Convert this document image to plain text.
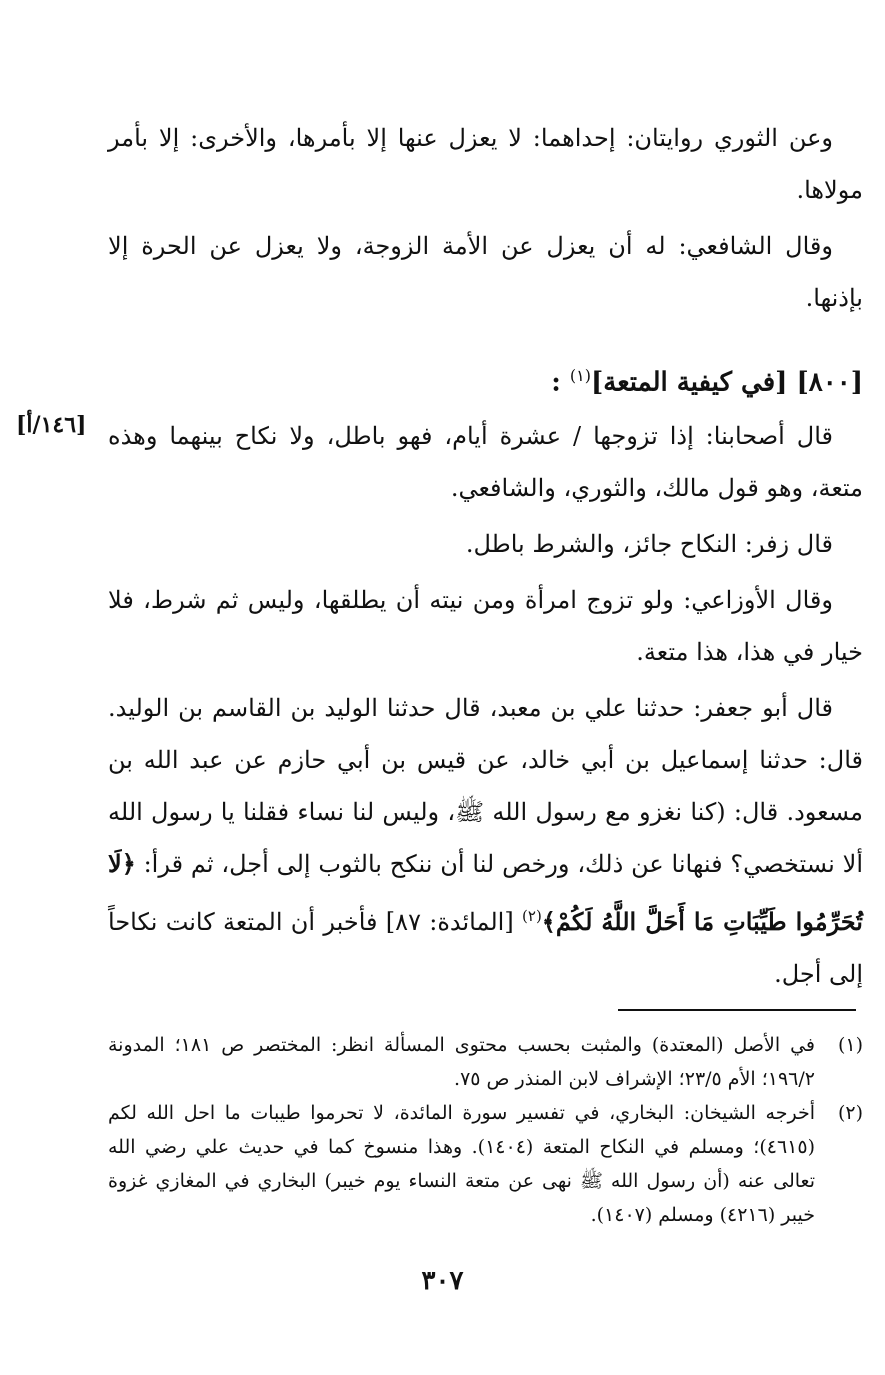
وعن الثوري روايتان: إحداهما: لا يعزل عنها إلا بأمرها، والأخرى: إلا بأمر مولاها.

وقال الشافعي: له أن يعزل عن الأمة الزوجة، ولا يعزل عن الحرة إلا بإذنها.

[٨٠٠] [في كيفية المتعة]$^{(١)}$ :
[١٤٦/أ] قال أصحابنا: إذا تزوجها / عشرة أيام، فهو باطل، ولا نكاح بينهما وهذه متعة، وهو قول مالك، والثوري، والشافعي.

قال زفر: النكاح جائز، والشرط باطل.

وقال الأوزاعي: ولو تزوج امرأة ومن نيته أن يطلقها، وليس ثم شرط، فلا خيار في هذا، هذا متعة.

قال أبو جعفر: حدثنا علي بن معبد، قال حدثنا الوليد بن القاسم بن الوليد. قال: حدثنا إسماعيل بن أبي خالد، عن قيس بن أبي حازم عن عبد الله بن مسعود. قال: (كنا نغزو مع رسول الله ﷺ، وليس لنا نساء فقلنا يا رسول الله ألا نستخصي؟ فنهانا عن ذلك، ورخص لنا أن ننكح بالثوب إلى أجل، ثم قرأ: ﴿لَا تُحَرِّمُوا طَيِّبَاتِ مَا أَحَلَّ اللَّهُ لَكُمْ﴾$^{(٢)}$ [المائدة: ٨٧] فأخبر أن المتعة كانت نكاحاً إلى أجل.

(١)
في الأصل (المعتدة) والمثبت بحسب محتوى المسألة انظر: المختصر ص ١٨١؛ المدونة ١٩٦/٢؛ الأم ٢٣/٥؛ الإشراف لابن المنذر ص ٧٥.
(٢)
أخرجه الشيخان: البخاري، في تفسير سورة المائدة، لا تحرموا طيبات ما احل الله لكم (٤٦١٥)؛ ومسلم في النكاح المتعة (١٤٠٤). وهذا منسوخ كما في حديث علي رضي الله تعالى عنه (أن رسول الله ﷺ نهى عن متعة النساء يوم خيبر) البخاري في المغازي غزوة خيبر (٤٢١٦) ومسلم (١٤٠٧).
٣٠٧
